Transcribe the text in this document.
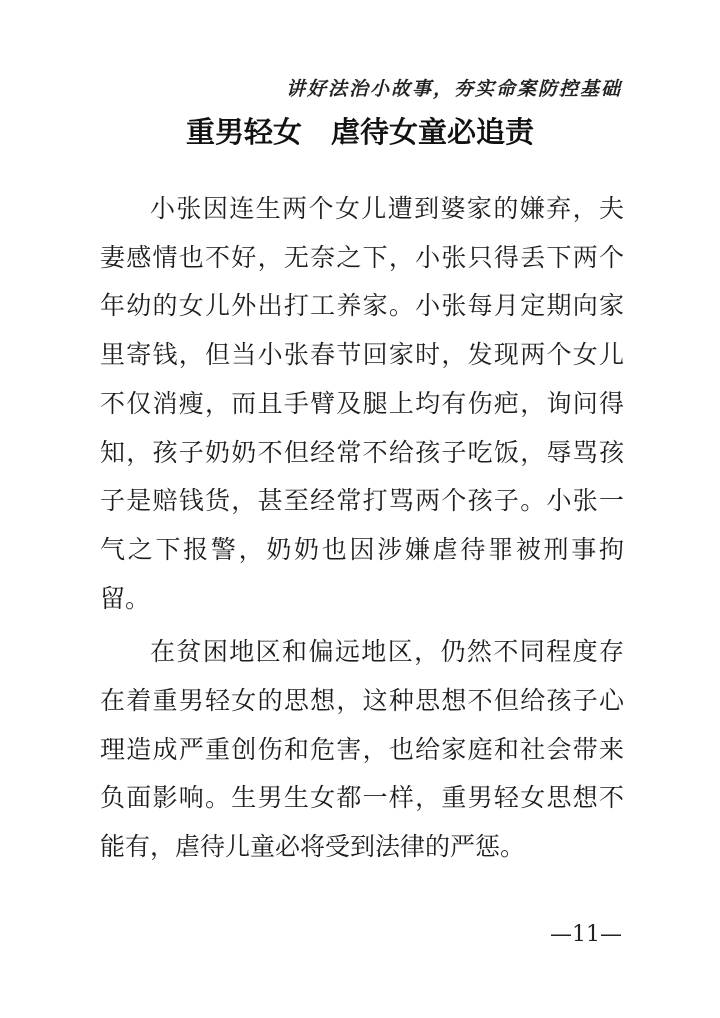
讲好法治小故事，夯实命案防控基础
重男轻女　虐待女童必追责

小张因连生两个女儿遭到婆家的嫌弃，夫妻感情也不好，无奈之下，小张只得丢下两个年幼的女儿外出打工养家。小张每月定期向家里寄钱，但当小张春节回家时，发现两个女儿不仅消瘦，而且手臂及腿上均有伤疤，询问得知，孩子奶奶不但经常不给孩子吃饭，辱骂孩子是赔钱货，甚至经常打骂两个孩子。小张一气之下报警，奶奶也因涉嫌虐待罪被刑事拘留。

在贫困地区和偏远地区，仍然不同程度存在着重男轻女的思想，这种思想不但给孩子心理造成严重创伤和危害，也给家庭和社会带来负面影响。生男生女都一样，重男轻女思想不能有，虐待儿童必将受到法律的严惩。

—11—
